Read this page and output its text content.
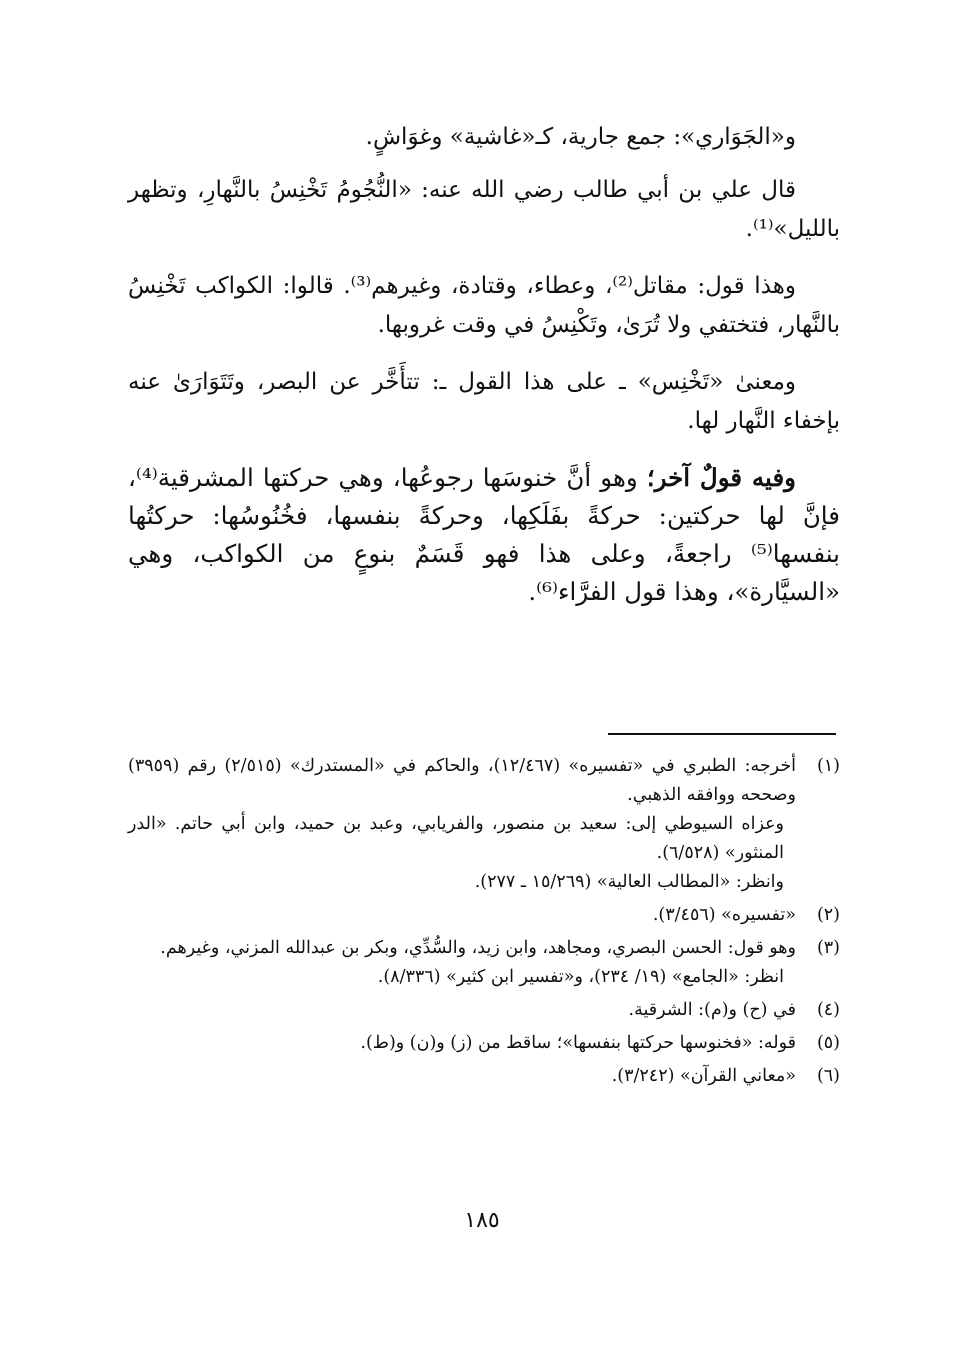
و«الجَوَاري»: جمع جارية، كـ«غاشية» وغوَاشٍ.

قال علي بن أبي طالب رضي الله عنه: «النُّجُومُ تَخْنِسُ بالنَّهارِ، وتظهر بالليل»⁽¹⁾.

وهذا قول: مقاتل⁽²⁾، وعطاء، وقتادة، وغيرهم⁽³⁾. قالوا: الكواكب تَخْنِسُ بالنَّهار، فتختفي ولا تُرَىٰ، وتَكْنِسُ في وقت غروبها.

ومعنىٰ «تَخْنِس» ـ على هذا القول ـ: تتأَخَّر عن البصر، وتَتَوَارَىٰ عنه بإخفاء النَّهار لها.

وفيه قولٌ آخر؛ وهو أنَّ خنوسَها رجوعُها، وهي حركتها المشرقية⁽⁴⁾، فإنَّ لها حركتين: حركةً بفَلَكِها، وحركةً بنفسها، فخُنُوسُها: حركتُها بنفسها⁽⁵⁾ راجعةً، وعلى هذا فهو قَسَمٌ بنوعٍ من الكواكب، وهي «السيَّارة»، وهذا قول الفرَّاء⁽⁶⁾.

(١)
أخرجه: الطبري في «تفسيره» (١٢/٤٦٧)، والحاكم في «المستدرك» (٢/٥١٥) رقم (٣٩٥٩) وصححه ووافقه الذهبي.
وعزاه السيوطي إلى: سعيد بن منصور، والفريابي، وعبد بن حميد، وابن أبي حاتم. «الدر المنثور» (٦/٥٢٨).
وانظر: «المطالب العالية» (١٥/٢٦٩ ـ ٢٧٧).
(٢)
«تفسيره» (٣/٤٥٦).
(٣)
وهو قول: الحسن البصري، ومجاهد، وابن زيد، والسُّدِّي، وبكر بن عبدالله المزني، وغيرهم.
انظر: «الجامع» (١٩/ ٢٣٤)، و«تفسير ابن كثير» (٨/٣٣٦).
(٤)
في (ح) و(م): الشرقية.
(٥)
قوله: «فخنوسها حركتها بنفسها»؛ ساقط من (ز) و(ن) و(ط).
(٦)
«معاني القرآن» (٣/٢٤٢).
١٨٥
